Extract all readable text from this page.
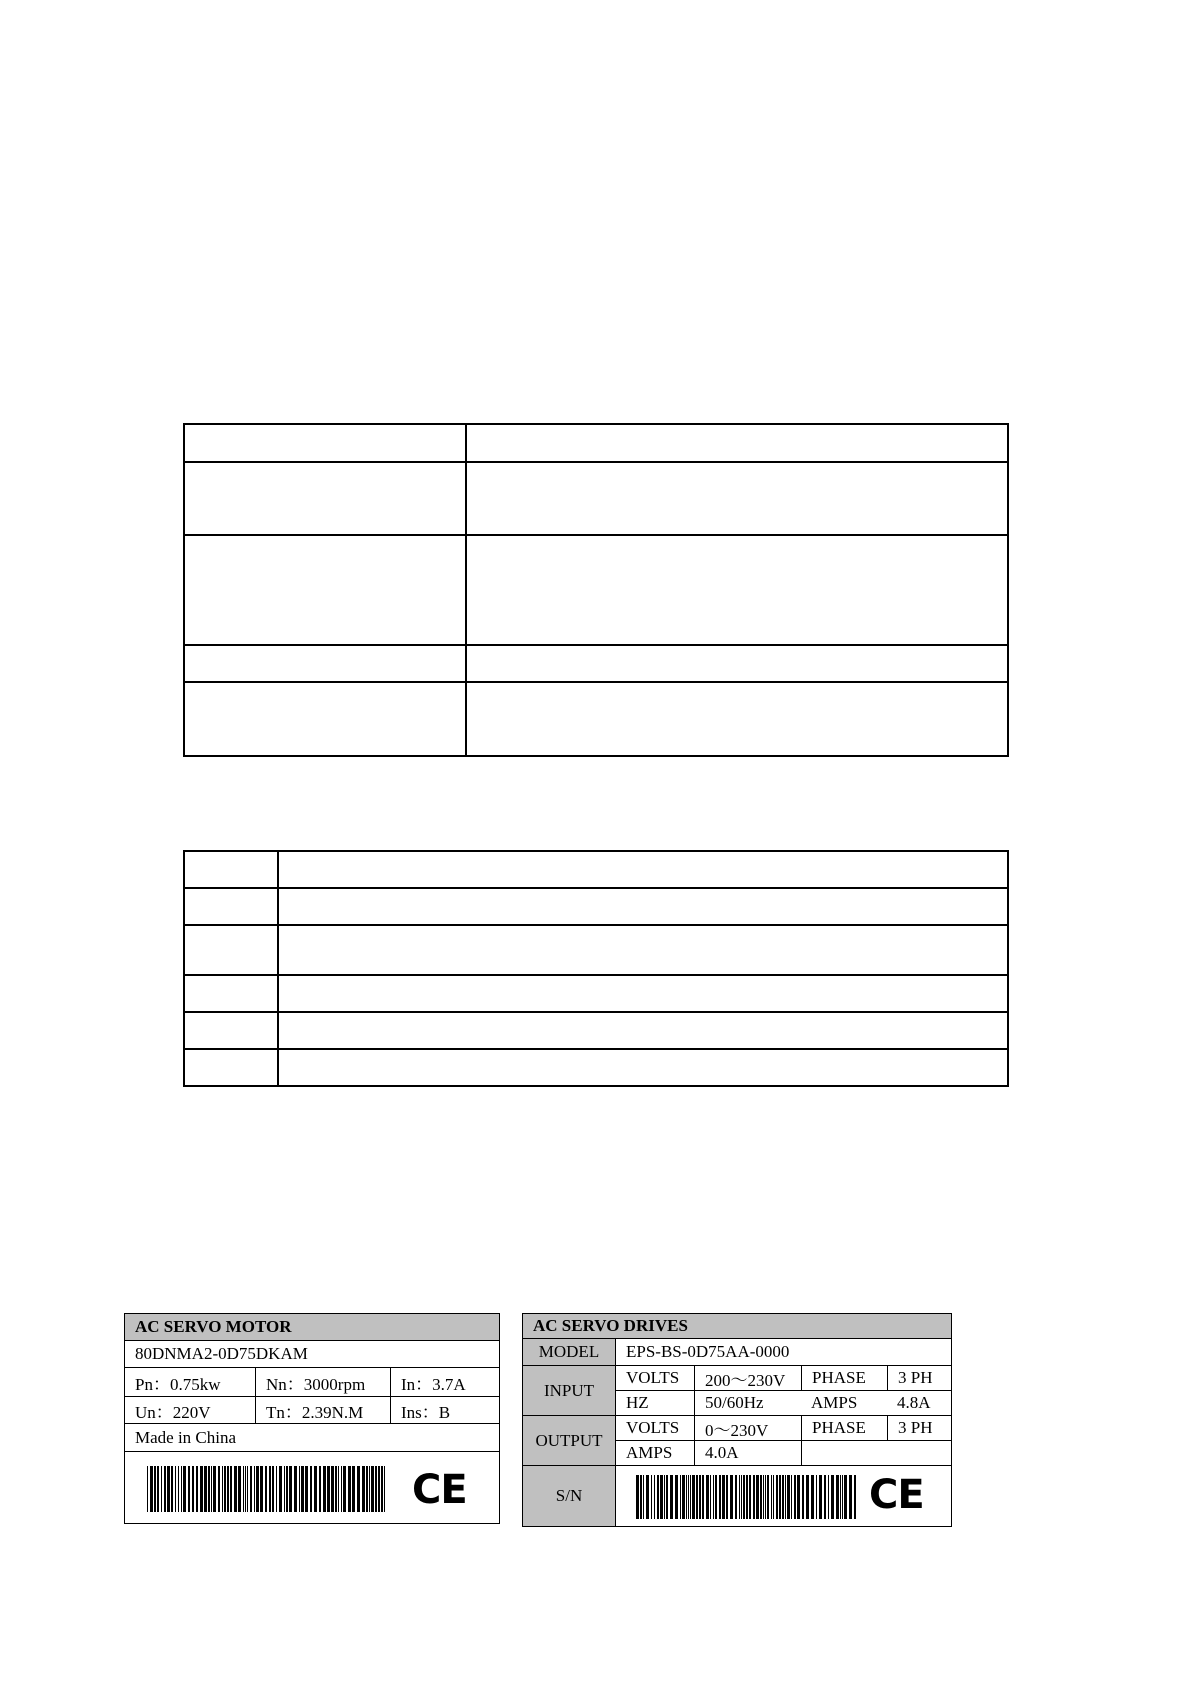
AC SERVO MOTOR
80DNMA2-0D75DKAM
Pn：0.75kw	Nn：3000rpm	In：3.7A
Un：220V	Tn：2.39N.M	Ins：B
Made in China
CE
AC SERVO DRIVES
MODEL	EPS-BS-0D75AA-0000
INPUT
VOLTS	200～230V	PHASE	3 PH
HZ	50/60Hz	AMPS	4.8A
OUTPUT
VOLTS	0～230V	PHASE	3 PH
AMPS	4.0A
S/N	CE
